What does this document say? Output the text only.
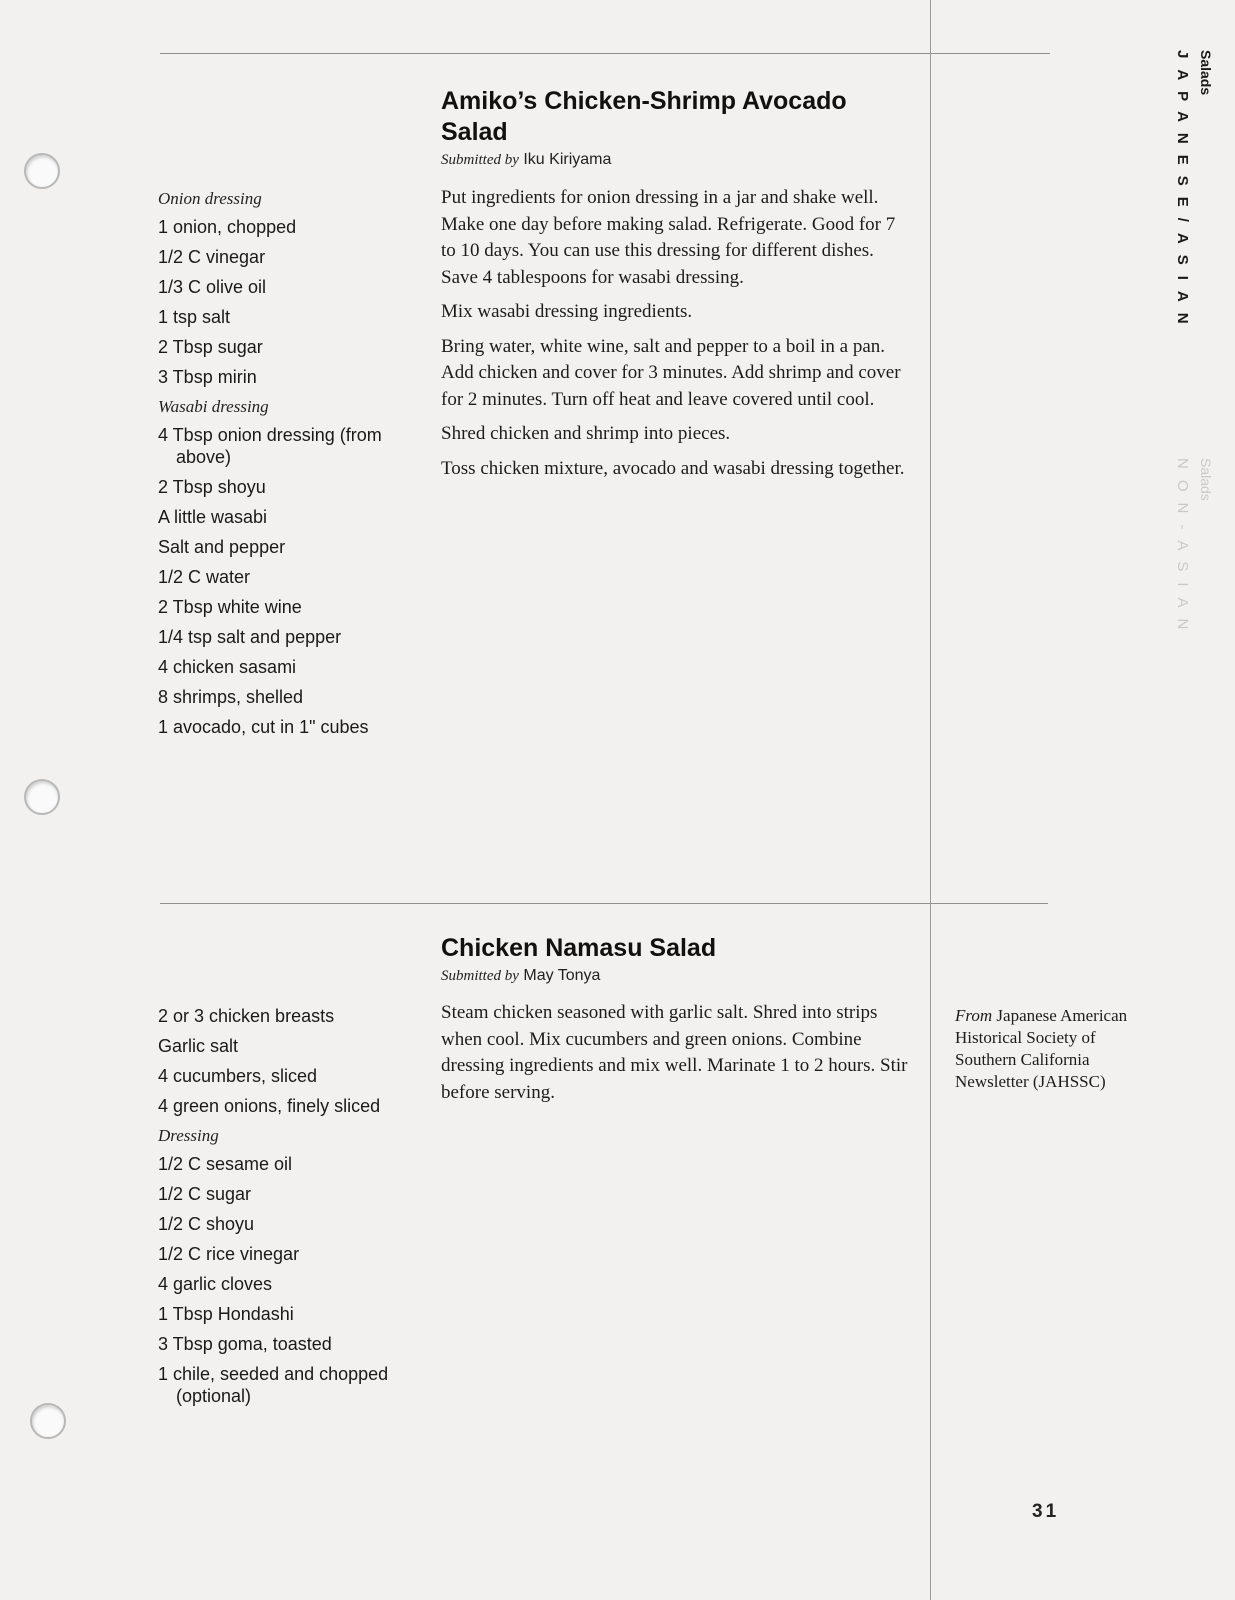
Amiko’s Chicken-Shrimp Avocado Salad
Submitted by Iku Kiriyama
Onion dressing
1 onion, chopped
1/2 C vinegar
1/3 C olive oil
1 tsp salt
2 Tbsp sugar
3 Tbsp mirin
Wasabi dressing
4 Tbsp onion dressing (from above)
2 Tbsp shoyu
A little wasabi
Salt and pepper
1/2 C water
2 Tbsp white wine
1/4 tsp salt and pepper
4 chicken sasami
8 shrimps, shelled
1 avocado, cut in 1" cubes

Put ingredients for onion dressing in a jar and shake well. Make one day before making salad. Refrigerate. Good for 7 to 10 days. You can use this dressing for different dishes. Save 4 tablespoons for wasabi dressing.

Mix wasabi dressing ingredients.

Bring water, white wine, salt and pepper to a boil in a pan. Add chicken and cover for 3 minutes. Add shrimp and cover for 2 minutes. Turn off heat and leave covered until cool.

Shred chicken and shrimp into pieces.

Toss chicken mixture, avocado and wasabi dressing together.

Chicken Namasu Salad
Submitted by May Tonya
2 or 3 chicken breasts
Garlic salt
4 cucumbers, sliced
4 green onions, finely sliced
Dressing
1/2 C sesame oil
1/2 C sugar
1/2 C shoyu
1/2 C rice vinegar
4 garlic cloves
1 Tbsp Hondashi
3 Tbsp goma, toasted
1 chile, seeded and chopped (optional)

Steam chicken seasoned with garlic salt. Shred into strips when cool. Mix cucumbers and green onions. Combine dressing ingredients and mix well. Marinate 1 to 2 hours. Stir before serving.

From Japanese American Historical Society of Southern California Newsletter (JAHSSC)
Salads
JAPANESE/ASIAN
Salads
NON-ASIAN
31
